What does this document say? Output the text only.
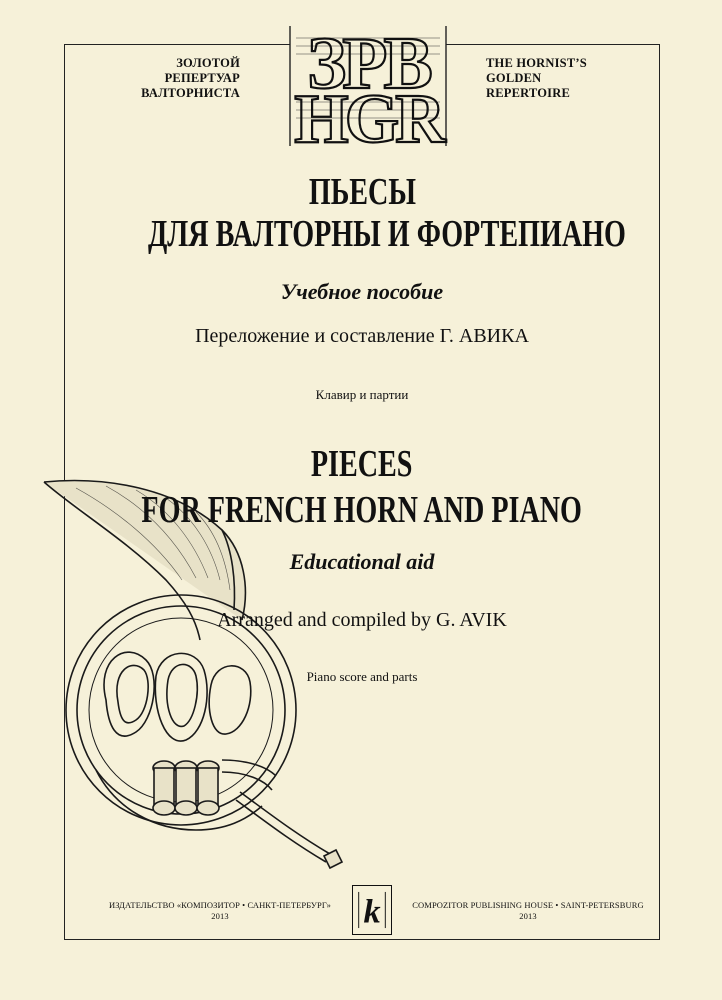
ЗОЛОТОЙ
РЕПЕРТУАР
ВАЛТОРНИСТА ЗРВ
HGR
THE HORNIST’S
GOLDEN
REPERTOIRE
ПЬЕСЫ
ДЛЯ ВАЛТОРНЫ И ФОРТЕПИАНО
Учебное пособие
Переложение и составление Г. АВИКА
Клавир и партии
PIECES
FOR FRENCH HORN AND PIANO
Educational aid
Arranged and compiled by G. AVIK
Piano score and parts
ИЗДАТЕЛЬСТВО «КОМПОЗИТОР • САНКТ-ПЕТЕРБУРГ»
2013	k	COMPOZITOR PUBLISHING HOUSE • SAINT-PETERSBURG
2013
